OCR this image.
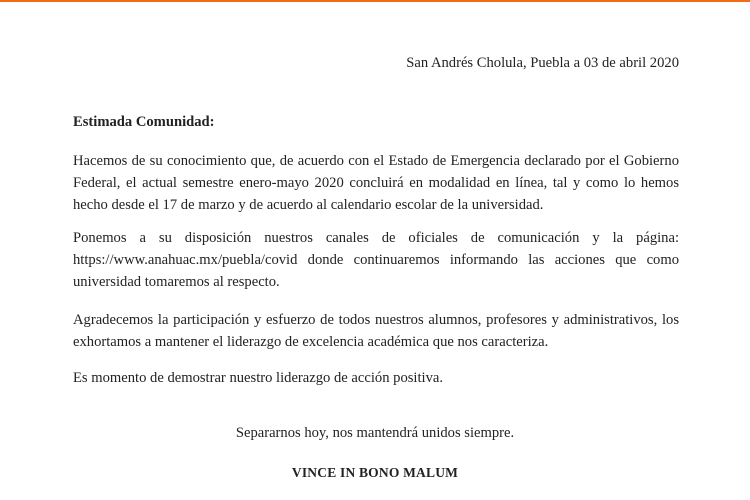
San Andrés Cholula, Puebla a 03 de abril 2020
Estimada Comunidad:

Hacemos de su conocimiento que, de acuerdo con el Estado de Emergencia declarado por el Gobierno Federal, el actual semestre enero-mayo 2020 concluirá en modalidad en línea, tal y como lo hemos hecho desde el 17 de marzo y de acuerdo al calendario escolar de la universidad.

Ponemos a su disposición nuestros canales de oficiales de comunicación y la página: https://www.anahuac.mx/puebla/covid donde continuaremos informando las acciones que como universidad tomaremos al respecto.

Agradecemos la participación y esfuerzo de todos nuestros alumnos, profesores y administrativos, los exhortamos a mantener el liderazgo de excelencia académica que nos caracteriza.

Es momento de demostrar nuestro liderazgo de acción positiva.

Separarnos hoy, nos mantendrá unidos siempre.
VINCE IN BONO MALUM
